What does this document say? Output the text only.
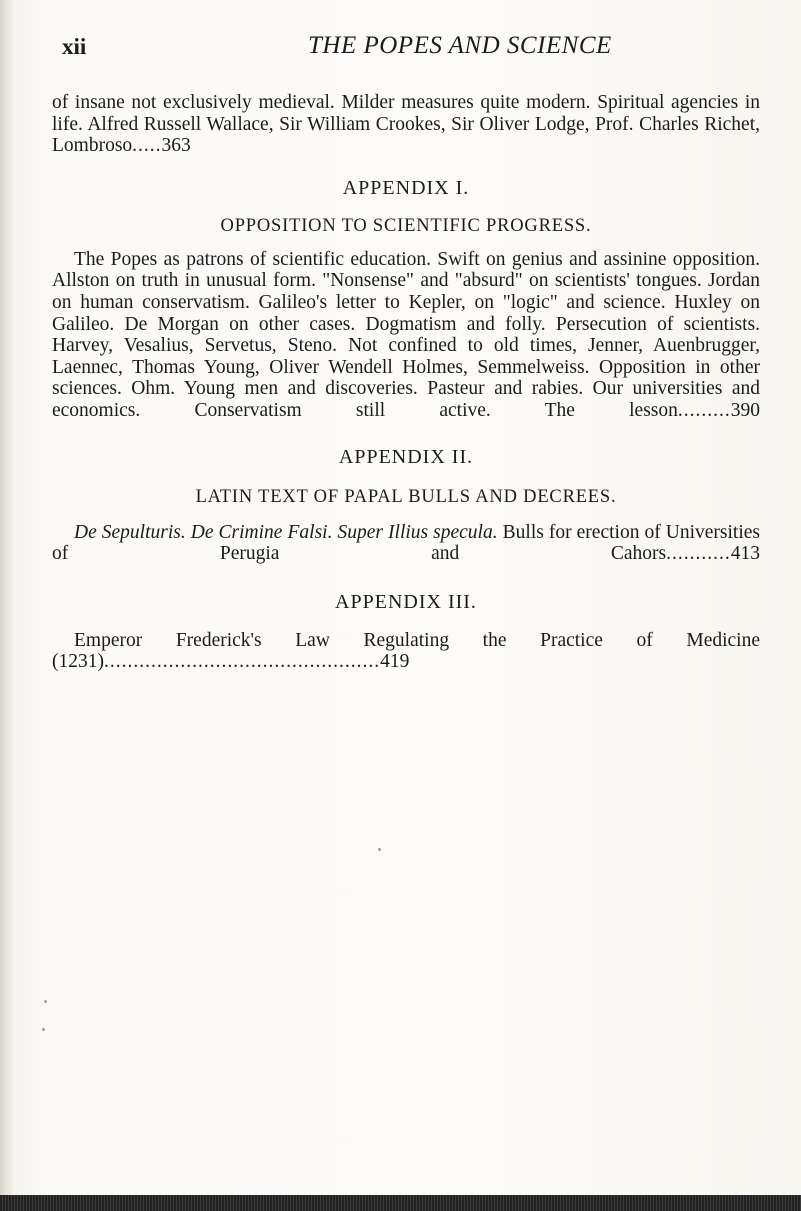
xii	THE POPES AND SCIENCE

of insane not exclusively medieval. Milder measures quite modern. Spiritual agencies in life. Alfred Russell Wallace, Sir William Crookes, Sir Oliver Lodge, Prof. Charles Richet, Lombroso.....363

APPENDIX I.

OPPOSITION TO SCIENTIFIC PROGRESS.

The Popes as patrons of scientific education. Swift on genius and assinine opposition. Allston on truth in unusual form. "Nonsense" and "absurd" on scientists' tongues. Jordan on human conservatism. Galileo's letter to Kepler, on "logic" and science. Huxley on Galileo. De Morgan on other cases. Dogmatism and folly. Persecution of scientists. Harvey, Vesalius, Servetus, Steno. Not confined to old times, Jenner, Auenbrugger, Laennec, Thomas Young, Oliver Wendell Holmes, Semmelweiss. Opposition in other sciences. Ohm. Young men and discoveries. Pasteur and rabies. Our universities and economics. Conservatism still active. The lesson.........390

APPENDIX II.

LATIN TEXT OF PAPAL BULLS AND DECREES.

De Sepulturis. De Crimine Falsi. Super Illius specula. Bulls for erection of Universities of Perugia and Cahors...........413

APPENDIX III.

Emperor Frederick's Law Regulating the Practice of Medicine (1231)...............................................419
